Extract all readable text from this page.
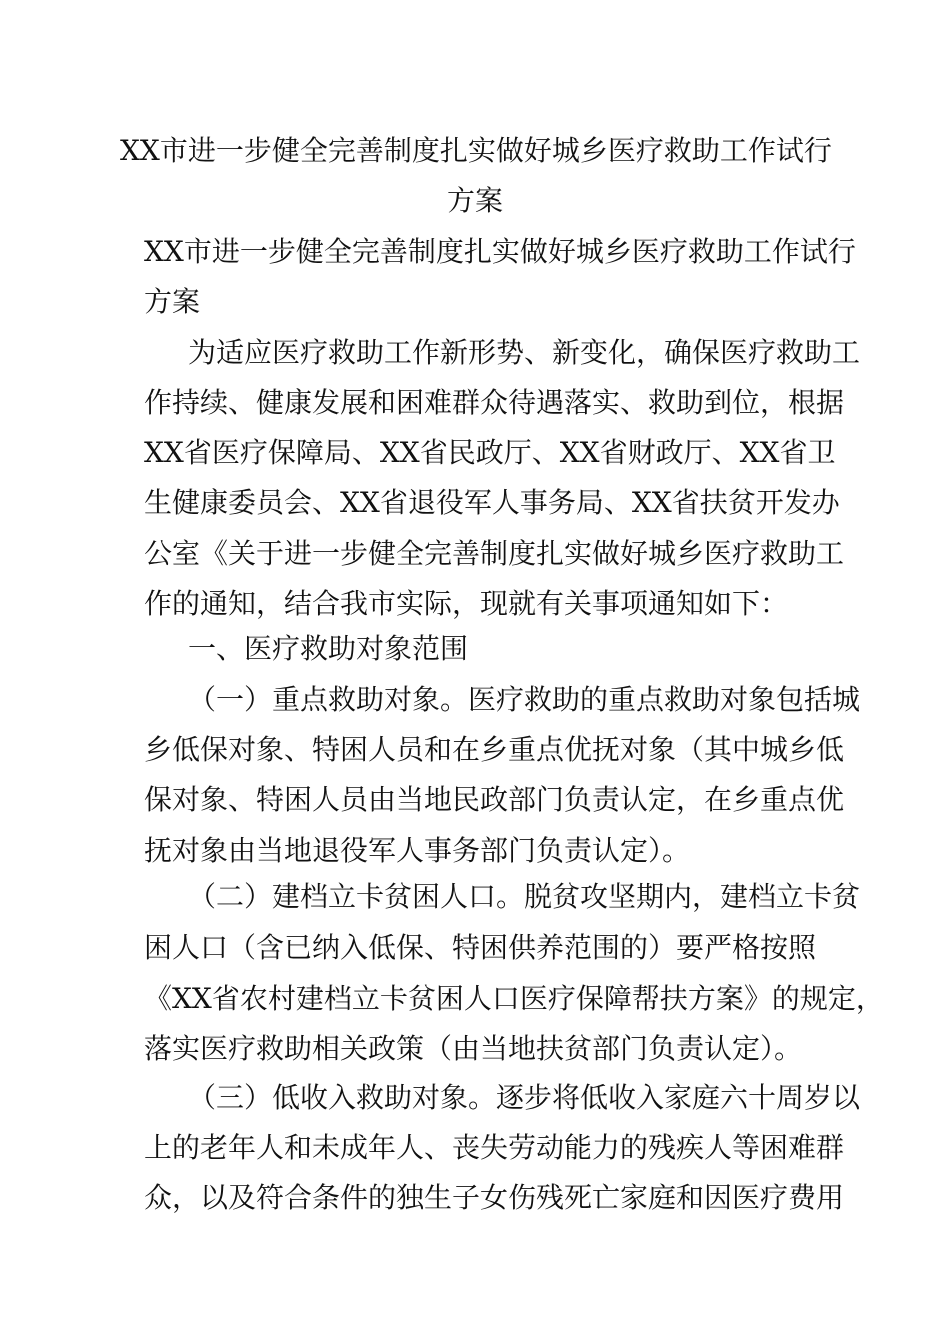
XX市进一步健全完善制度扎实做好城乡医疗救助工作试行
方案
XX市进一步健全完善制度扎实做好城乡医疗救助工作试行
方案
为适应医疗救助工作新形势、新变化，确保医疗救助工
作持续、健康发展和困难群众待遇落实、救助到位，根据
XX省医疗保障局、XX省民政厅、XX省财政厅、XX省卫
生健康委员会、XX省退役军人事务局、XX省扶贫开发办
公室《关于进一步健全完善制度扎实做好城乡医疗救助工
作的通知，结合我市实际，现就有关事项通知如下：
一、医疗救助对象范围
（一）重点救助对象。医疗救助的重点救助对象包括城
乡低保对象、特困人员和在乡重点优抚对象（其中城乡低
保对象、特困人员由当地民政部门负责认定，在乡重点优
抚对象由当地退役军人事务部门负责认定）。
（二）建档立卡贫困人口。脱贫攻坚期内，建档立卡贫
困人口（含已纳入低保、特困供养范围的）要严格按照
《XX省农村建档立卡贫困人口医疗保障帮扶方案》的规定，
落实医疗救助相关政策（由当地扶贫部门负责认定）。
（三）低收入救助对象。逐步将低收入家庭六十周岁以
上的老年人和未成年人、丧失劳动能力的残疾人等困难群
众，以及符合条件的独生子女伤残死亡家庭和因医疗费用
